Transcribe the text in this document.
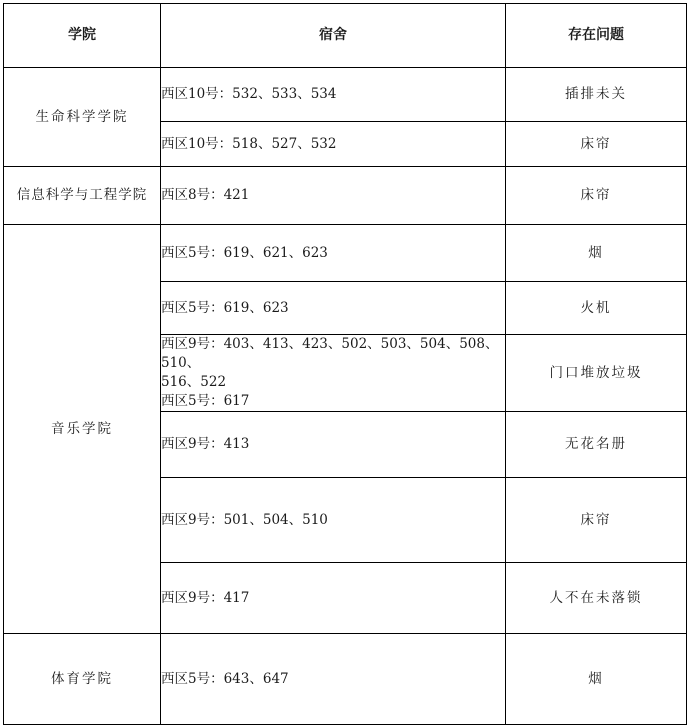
学院	宿舍	存在问题
生命科学学院	西区10号：532、533、534	插排未关

	西区10号：518、527、532	床帘
信息科学与工程学院	西区8号：421	床帘
音乐学院	西区5号：619、621、623	烟

	西区5号：619、623	火机

	西区9号：403、413、423、502、503、504、508、510、
516、522
西区5号：617	门口堆放垃圾

	西区9号：413	无花名册

	西区9号：501、504、510	床帘

	西区9号：417	人不在未落锁
体育学院	西区5号：643、647	烟
